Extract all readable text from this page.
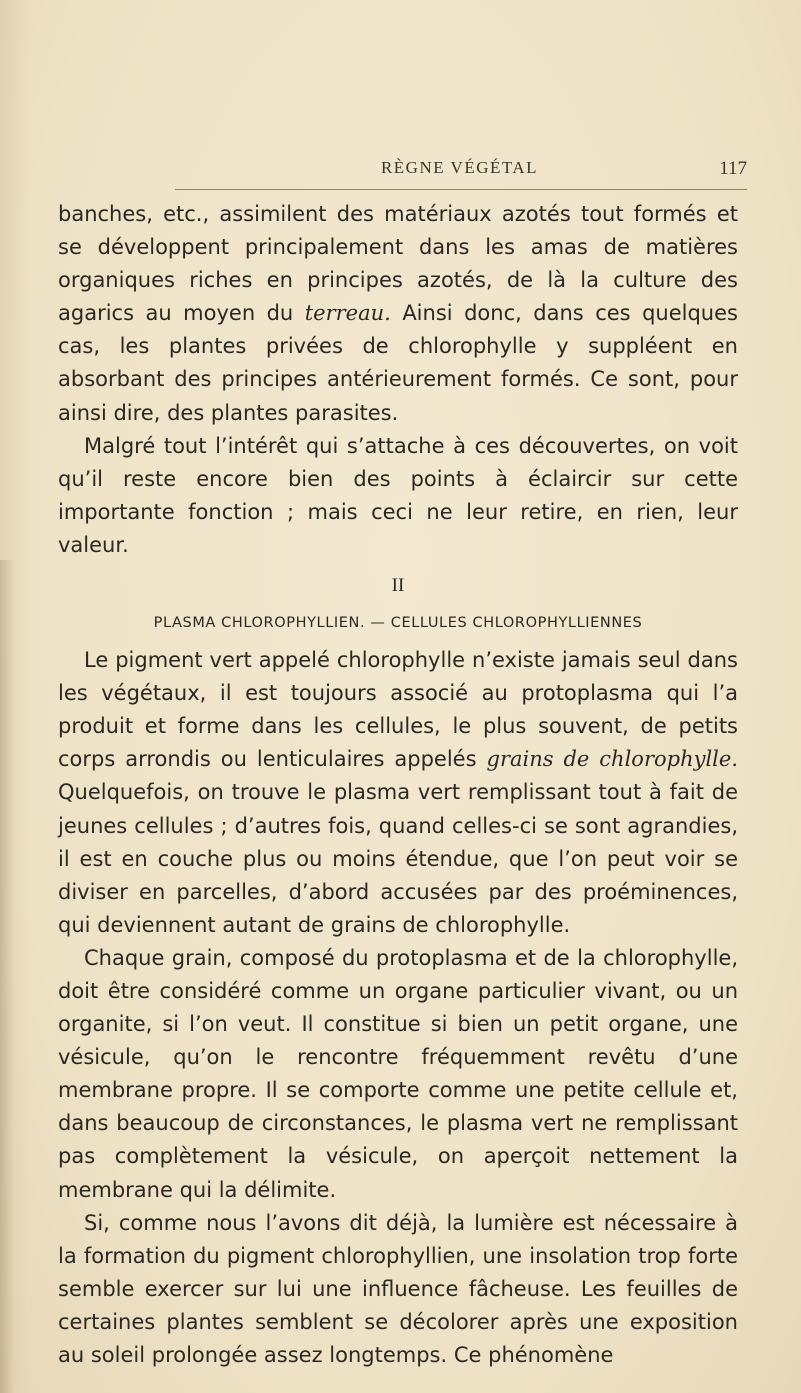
RÈGNE VÉGÉTAL	117

banches, etc., assimilent des matériaux azotés tout formés et se développent principalement dans les amas de matières organiques riches en principes azotés, de là la culture des agarics au moyen du terreau. Ainsi donc, dans ces quelques cas, les plantes privées de chlorophylle y suppléent en absorbant des principes antérieurement formés. Ce sont, pour ainsi dire, des plantes parasites.

Malgré tout l’intérêt qui s’attache à ces découvertes, on voit qu’il reste encore bien des points à éclaircir sur cette importante fonction ; mais ceci ne leur retire, en rien, leur valeur.

II
PLASMA CHLOROPHYLLIEN. — CELLULES CHLOROPHYLLIENNES

Le pigment vert appelé chlorophylle n’existe jamais seul dans les végétaux, il est toujours associé au protoplasma qui l’a produit et forme dans les cellules, le plus souvent, de petits corps arrondis ou lenticulaires appelés grains de chlorophylle. Quelquefois, on trouve le plasma vert remplissant tout à fait de jeunes cellules ; d’autres fois, quand celles-ci se sont agrandies, il est en couche plus ou moins étendue, que l’on peut voir se diviser en parcelles, d’abord accusées par des proéminences, qui deviennent autant de grains de chlorophylle.

Chaque grain, composé du protoplasma et de la chlorophylle, doit être considéré comme un organe particulier vivant, ou un organite, si l’on veut. Il constitue si bien un petit organe, une vésicule, qu’on le rencontre fréquemment revêtu d’une membrane propre. Il se comporte comme une petite cellule et, dans beaucoup de circonstances, le plasma vert ne remplissant pas complètement la vésicule, on aperçoit nettement la membrane qui la délimite.

Si, comme nous l’avons dit déjà, la lumière est nécessaire à la formation du pigment chlorophyllien, une insolation trop forte semble exercer sur lui une influence fâcheuse. Les feuilles de certaines plantes semblent se décolorer après une exposition au soleil prolongée assez longtemps. Ce phénomène
